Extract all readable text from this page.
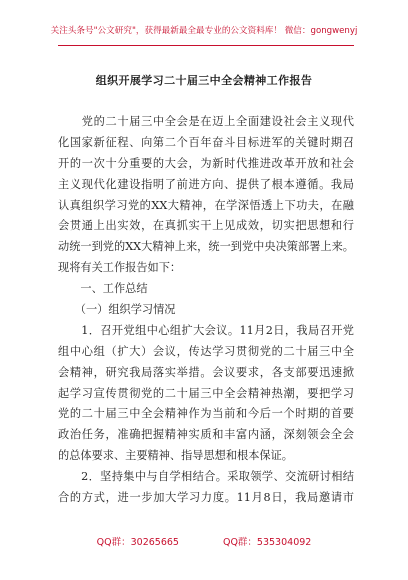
关注头条号"公文研究"，获得最新最全最专业的公文资料库！ 微信：gongwenyj
组织开展学习二十届三中全会精神工作报告
　　党的二十届三中全会是在迈上全面建设社会主义现代
化国家新征程、向第二个百年奋斗目标进军的关键时期召
开的一次十分重要的大会，为新时代推进改革开放和社会
主义现代化建设指明了前进方向、提供了根本遵循。我局
认真组织学习党的XX大精神，在学深悟透上下功夫，在融
会贯通上出实效，在真抓实干上见成效，切实把思想和行
动统一到党的XX大精神上来，统一到党中央决策部署上来。
现将有关工作报告如下：
　　一、工作总结
　　（一）组织学习情况
　　1．召开党组中心组扩大会议。11月2日，我局召开党
组中心组（扩大）会议，传达学习贯彻党的二十届三中全
会精神，研究我局落实举措。会议要求，各支部要迅速掀
起学习宣传贯彻党的二十届三中全会精神热潮，要把学习
党的二十届三中全会精神作为当前和今后一个时期的首要
政治任务，准确把握精神实质和丰富内涵，深刻领会全会
的总体要求、主要精神、指导思想和根本保证。
　　2．坚持集中与自学相结合。采取领学、交流研讨相结
合的方式，进一步加大学习力度。11月8日，我局邀请市
QQ群：30265665	QQ群：535304092
